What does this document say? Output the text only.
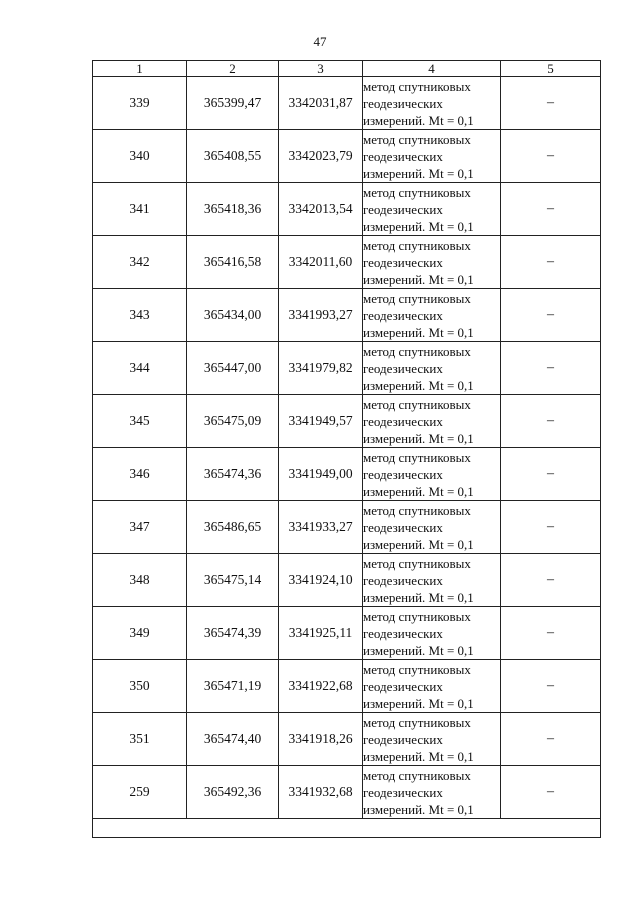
47
1	2	3	4	5
339	365399,47	3342031,87	метод спутниковых геодезических измерений. Mt = 0,1	–
340	365408,55	3342023,79	метод спутниковых геодезических измерений. Mt = 0,1	–
341	365418,36	3342013,54	метод спутниковых геодезических измерений. Mt = 0,1	–
342	365416,58	3342011,60	метод спутниковых геодезических измерений. Mt = 0,1	–
343	365434,00	3341993,27	метод спутниковых геодезических измерений. Mt = 0,1	–
344	365447,00	3341979,82	метод спутниковых геодезических измерений. Mt = 0,1	–
345	365475,09	3341949,57	метод спутниковых геодезических измерений. Mt = 0,1	–
346	365474,36	3341949,00	метод спутниковых геодезических измерений. Mt = 0,1	–
347	365486,65	3341933,27	метод спутниковых геодезических измерений. Mt = 0,1	–
348	365475,14	3341924,10	метод спутниковых геодезических измерений. Mt = 0,1	–
349	365474,39	3341925,11	метод спутниковых геодезических измерений. Mt = 0,1	–
350	365471,19	3341922,68	метод спутниковых геодезических измерений. Mt = 0,1	–
351	365474,40	3341918,26	метод спутниковых геодезических измерений. Mt = 0,1	–
259	365492,36	3341932,68	метод спутниковых геодезических измерений. Mt = 0,1	–
